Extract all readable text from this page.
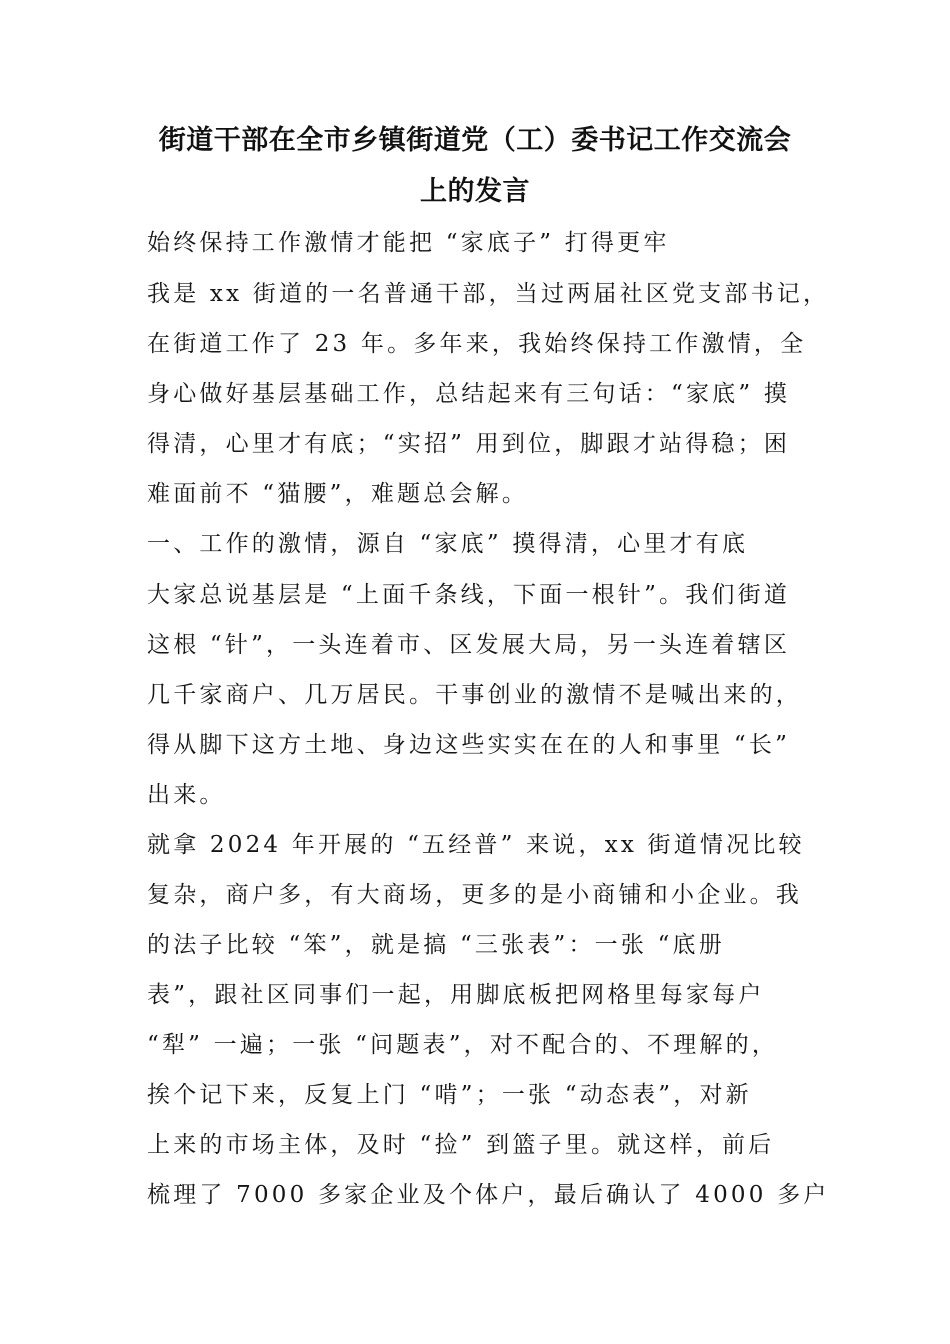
街道干部在全市乡镇街道党（工）委书记工作交流会
上的发言
始终保持工作激情才能把 “家底子” 打得更牢
我是 xx 街道的一名普通干部，当过两届社区党支部书记，
在街道工作了 23 年。多年来，我始终保持工作激情，全
身心做好基层基础工作，总结起来有三句话：“家底” 摸
得清，心里才有底；“实招” 用到位，脚跟才站得稳；困
难面前不 “猫腰”，难题总会解。
一、工作的激情，源自 “家底” 摸得清，心里才有底
大家总说基层是 “上面千条线，下面一根针”。我们街道
这根 “针”，一头连着市、区发展大局，另一头连着辖区
几千家商户、几万居民。干事创业的激情不是喊出来的，
得从脚下这方土地、身边这些实实在在的人和事里 “长”
出来。
就拿 2024 年开展的 “五经普” 来说，xx 街道情况比较
复杂，商户多，有大商场，更多的是小商铺和小企业。我
的法子比较 “笨”，就是搞 “三张表”：一张 “底册
表”，跟社区同事们一起，用脚底板把网格里每家每户
“犁” 一遍；一张 “问题表”，对不配合的、不理解的，
挨个记下来，反复上门 “啃”；一张 “动态表”，对新
上来的市场主体，及时 “捡” 到篮子里。就这样，前后
梳理了 7000 多家企业及个体户，最后确认了 4000 多户
